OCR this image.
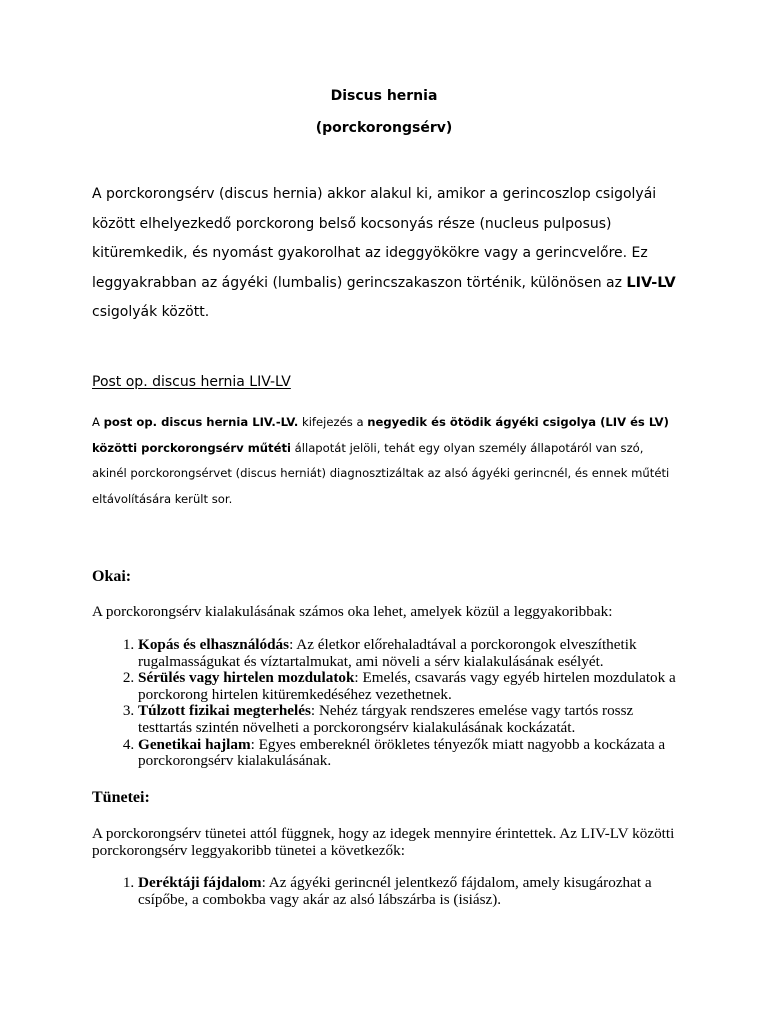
Discus hernia
(porckorongsérv)
A porckorongsérv (discus hernia) akkor alakul ki, amikor a gerincoszlop csigolyái között elhelyezkedő porckorong belső kocsonyás része (nucleus pulposus) kitüremkedik, és nyomást gyakorolhat az ideggyökökre vagy a gerincvelőre. Ez leggyakrabban az ágyéki (lumbalis) gerincszakaszon történik, különösen az LIV-LV csigolyák között.
Post op. discus hernia LIV-LV
A post op. discus hernia LIV.-LV. kifejezés a negyedik és ötödik ágyéki csigolya (LIV és LV) közötti porckorongsérv műtéti állapotát jelöli, tehát egy olyan személy állapotáról van szó, akinél porckorongsérvet (discus herniát) diagnosztizáltak az alsó ágyéki gerincnél, és ennek műtéti eltávolítására került sor.
Okai:
A porckorongsérv kialakulásának számos oka lehet, amelyek közül a leggyakoribbak:
1. Kopás és elhasználódás: Az életkor előrehaladtával a porckorongok elveszíthetik rugalmasságukat és víztartalmukat, ami növeli a sérv kialakulásának esélyét.
2. Sérülés vagy hirtelen mozdulatok: Emelés, csavarás vagy egyéb hirtelen mozdulatok a porckorong hirtelen kitüremkedéséhez vezethetnek.
3. Túlzott fizikai megterhelés: Nehéz tárgyak rendszeres emelése vagy tartós rossz testtartás szintén növelheti a porckorongsérv kialakulásának kockázatát.
4. Genetikai hajlam: Egyes embereknél örökletes tényezők miatt nagyobb a kockázata a porckorongsérv kialakulásának.
Tünetei:
A porckorongsérv tünetei attól függnek, hogy az idegek mennyire érintettek. Az LIV-LV közötti porckorongsérv leggyakoribb tünetei a következők:
1. Deréktáji fájdalom: Az ágyéki gerincnél jelentkező fájdalom, amely kisugározhat a csípőbe, a combokba vagy akár az alsó lábszárba is (isiász).
